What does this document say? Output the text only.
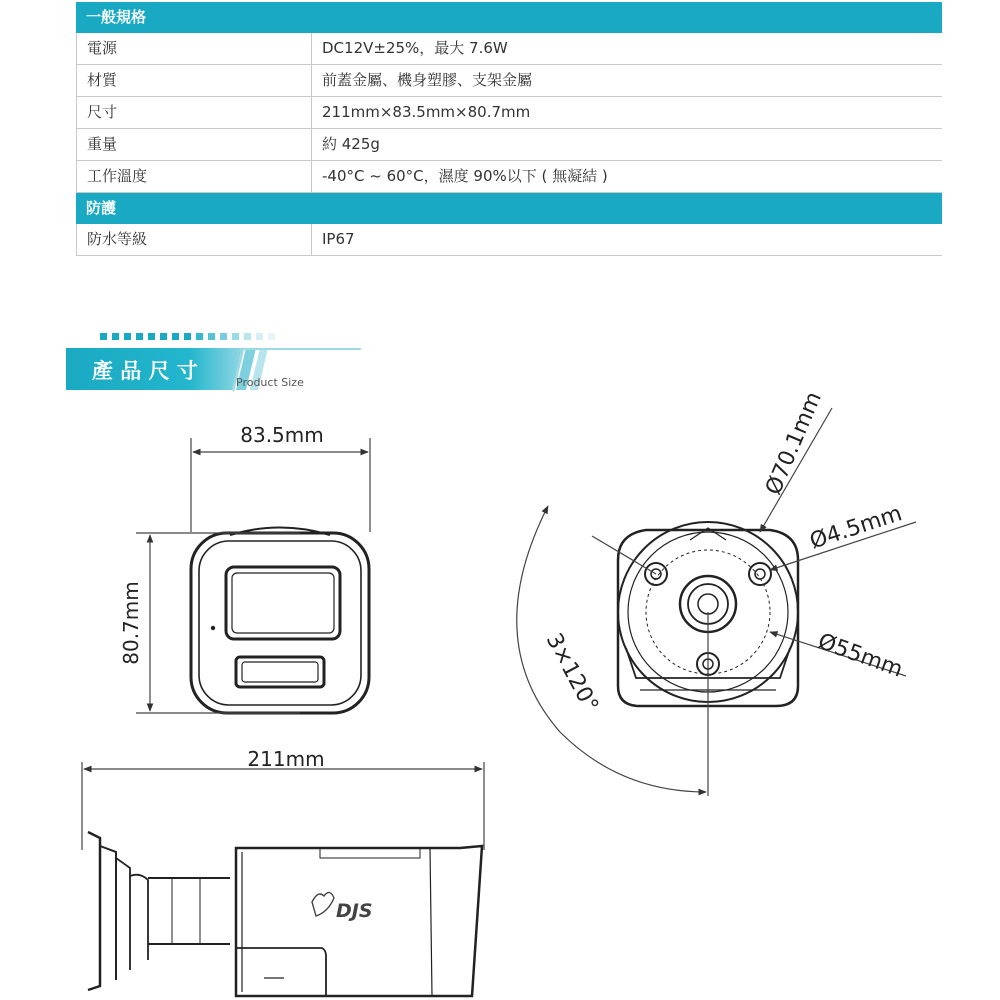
一般規格
電源	DC12V±25%，最大 7.6W
材質	前蓋金屬、機身塑膠、支架金屬
尺寸	211mm×83.5mm×80.7mm
重量	約 425g
工作溫度	-40°C ~ 60°C，濕度 90%以下 ( 無凝結 )
防護
防水等級	IP67
產 品 尺 寸	Product Size
83.5mm
80.7mm
211mm
DJS
Ø70.1mm
Ø4.5mm
Ø55mm
3×120°
